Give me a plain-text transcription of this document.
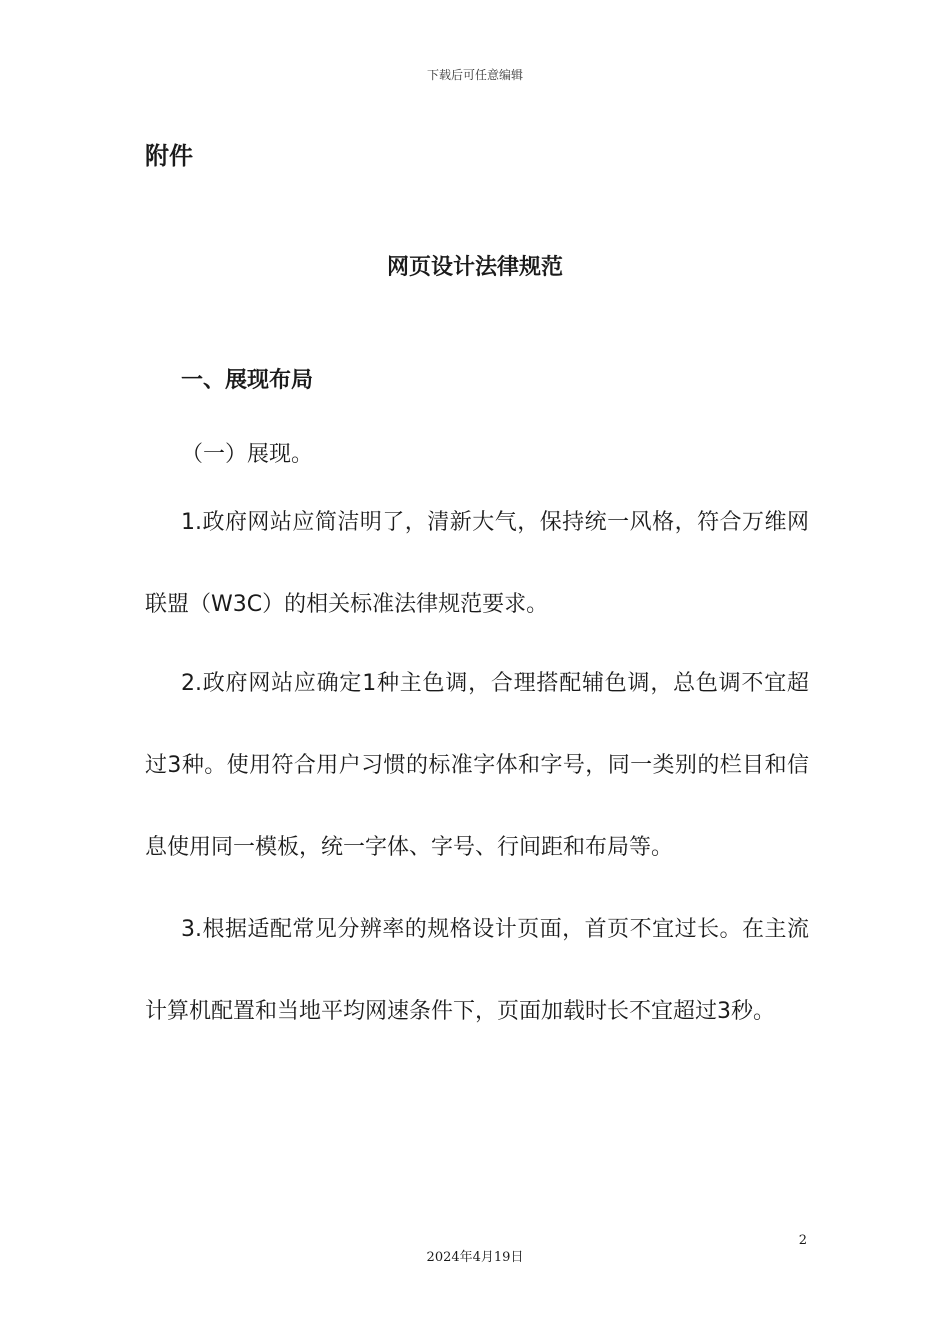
下载后可任意编辑
附件
网页设计法律规范
一、展现布局
（一）展现。

1.政府网站应简洁明了，清新大气，保持统一风格，符合万维网联盟（W3C）的相关标准法律规范要求。

2.政府网站应确定1种主色调，合理搭配辅色调，总色调不宜超过3种。使用符合用户习惯的标准字体和字号，同一类别的栏目和信息使用同一模板，统一字体、字号、行间距和布局等。

3.根据适配常见分辨率的规格设计页面，首页不宜过长。在主流计算机配置和当地平均网速条件下，页面加载时长不宜超过3秒。

2
2024年4月19日
